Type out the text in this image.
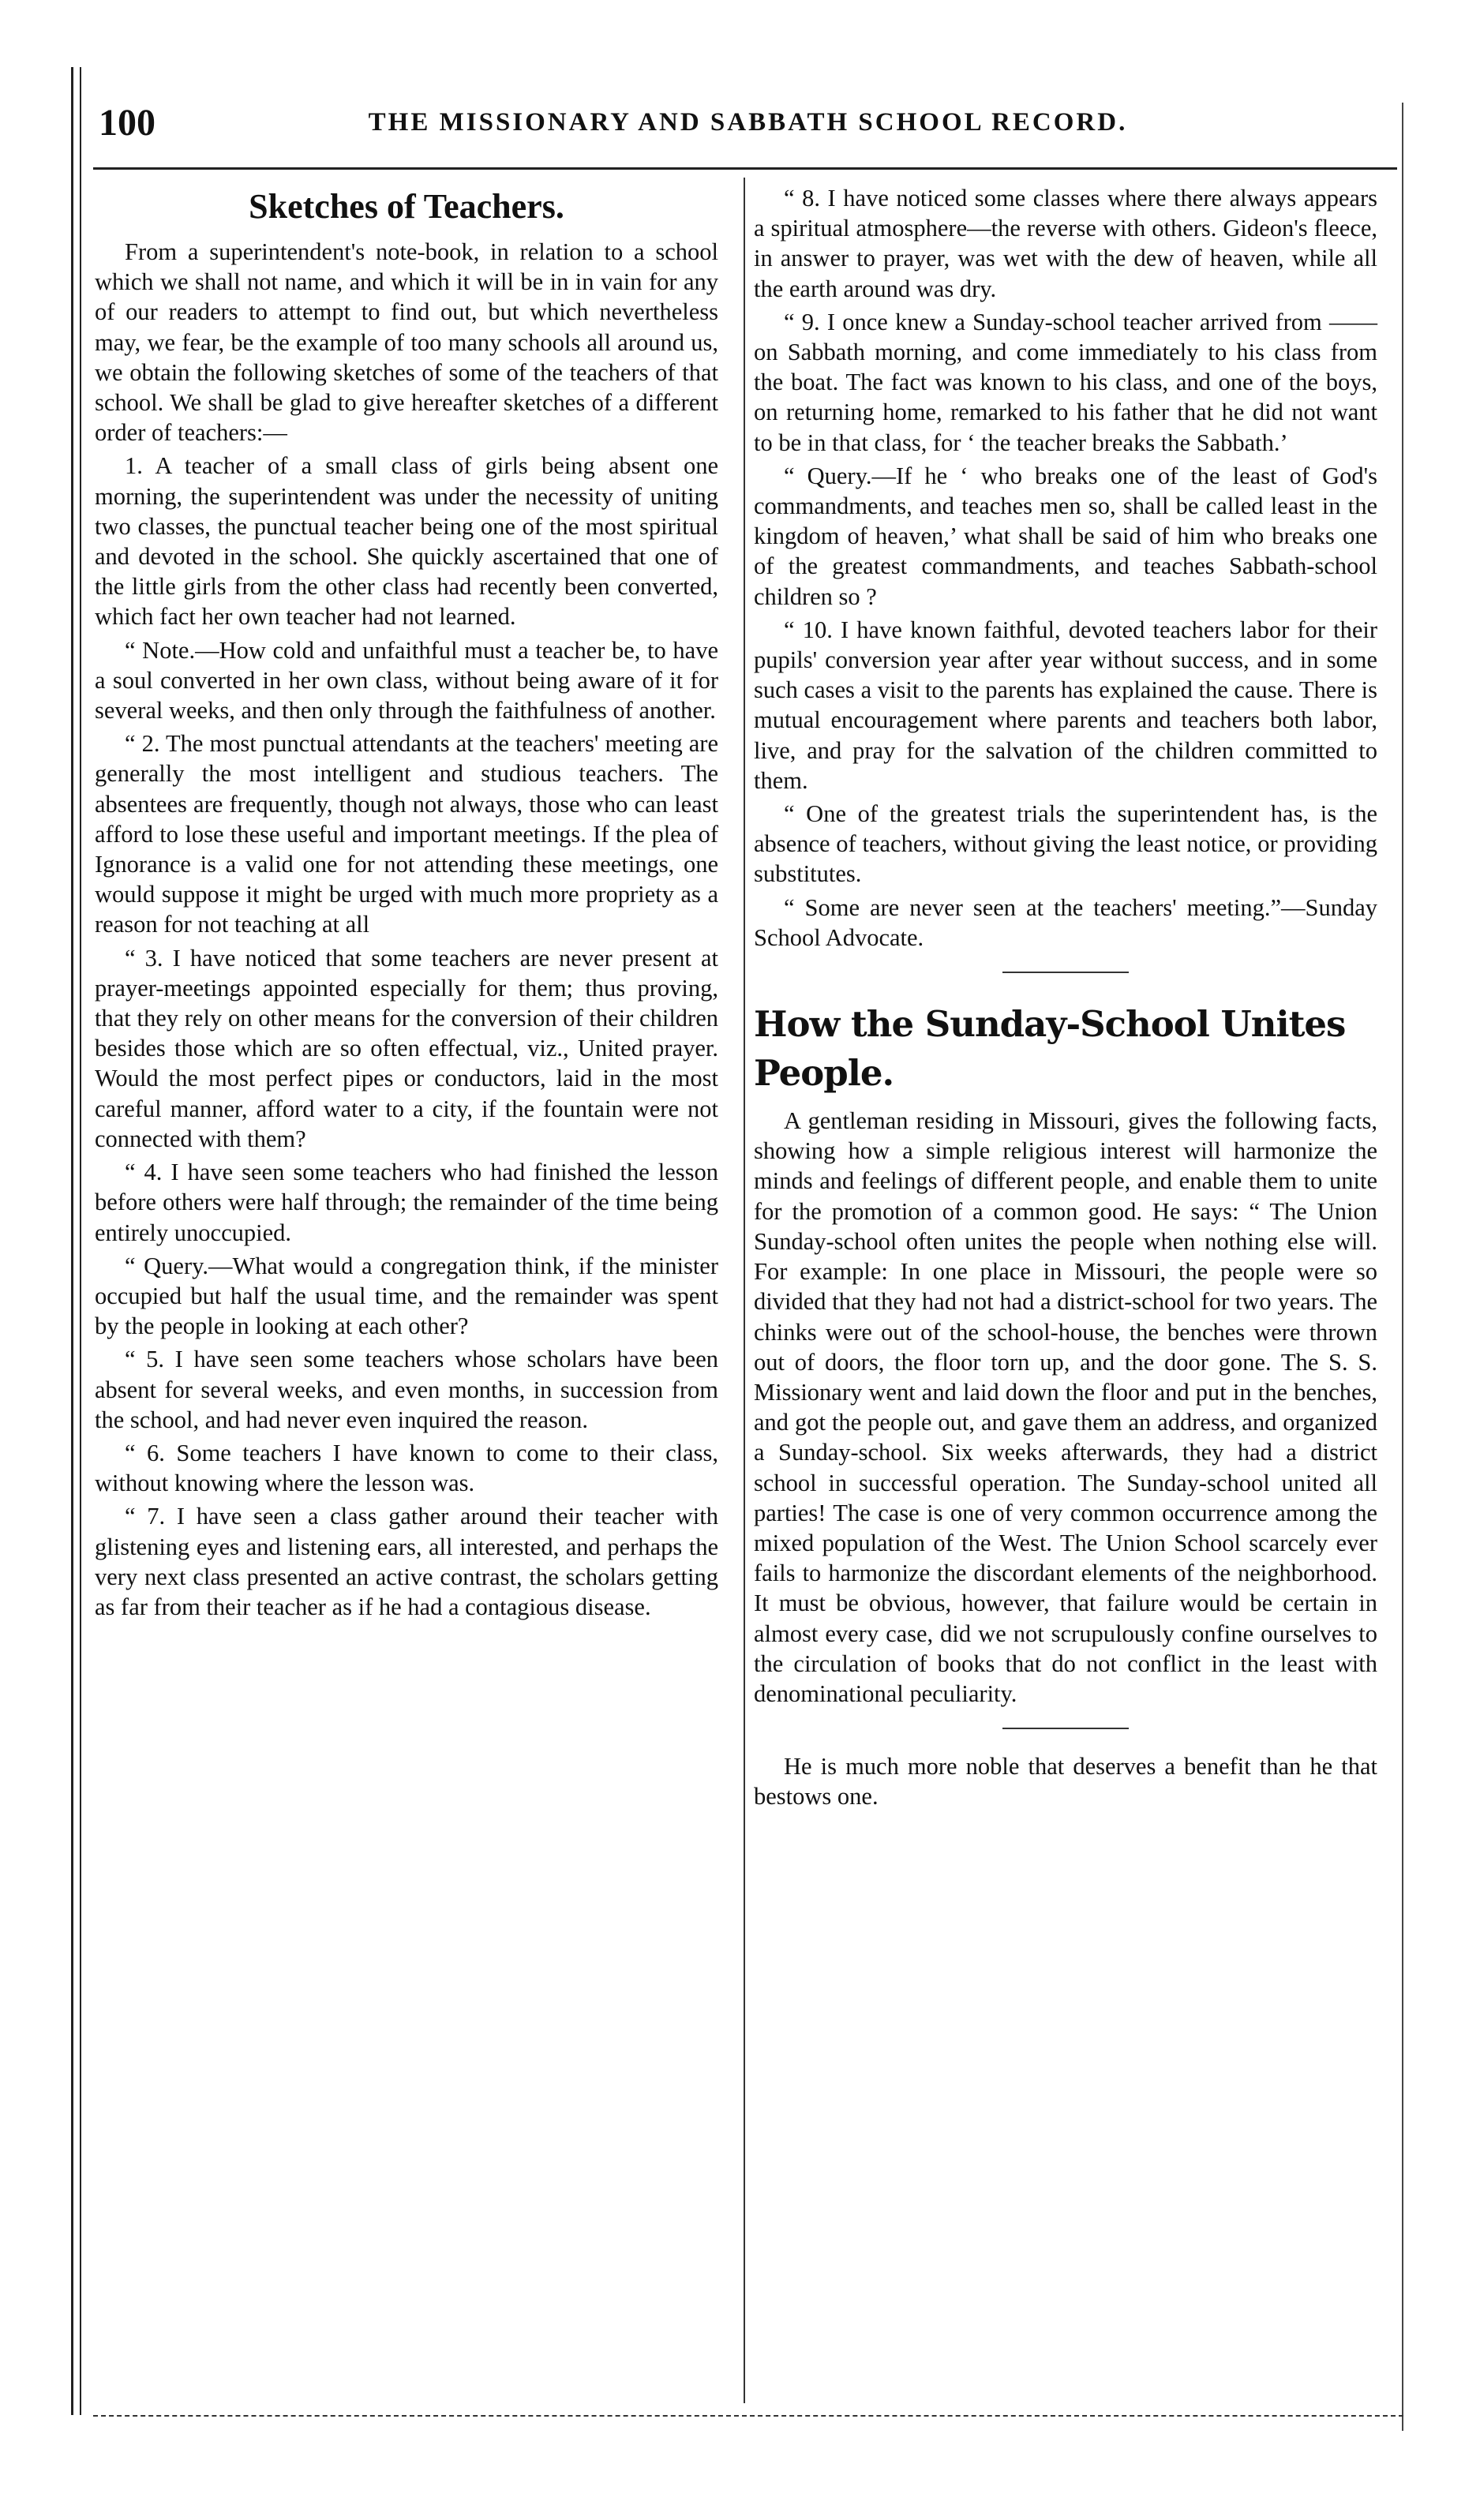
100	THE MISSIONARY AND SABBATH SCHOOL RECORD.
Sketches of Teachers.

From a superintendent's note-book, in relation to a school which we shall not name, and which it will be in in vain for any of our readers to attempt to find out, but which nevertheless may, we fear, be the example of too many schools all around us, we obtain the following sketches of some of the teachers of that school. We shall be glad to give hereafter sketches of a different order of teachers:—

1. A teacher of a small class of girls being absent one morning, the superintendent was under the necessity of uniting two classes, the punctual teacher being one of the most spiritual and devoted in the school. She quickly ascertained that one of the little girls from the other class had recently been converted, which fact her own teacher had not learned.

“ Note.—How cold and unfaithful must a teacher be, to have a soul converted in her own class, without being aware of it for several weeks, and then only through the faithfulness of another.

“ 2. The most punctual attendants at the teachers' meeting are generally the most intelligent and studious teachers. The absentees are frequently, though not always, those who can least afford to lose these useful and important meetings. If the plea of Ignorance is a valid one for not attending these meetings, one would suppose it might be urged with much more propriety as a reason for not teaching at all

“ 3. I have noticed that some teachers are never present at prayer-meetings appointed especially for them; thus proving, that they rely on other means for the conversion of their children besides those which are so often effectual, viz., United prayer. Would the most perfect pipes or conductors, laid in the most careful manner, afford water to a city, if the fountain were not connected with them?

“ 4. I have seen some teachers who had finished the lesson before others were half through; the remainder of the time being entirely unoccupied.

“ Query.—What would a congregation think, if the minister occupied but half the usual time, and the remainder was spent by the people in looking at each other?

“ 5. I have seen some teachers whose scholars have been absent for several weeks, and even months, in succession from the school, and had never even inquired the reason.

“ 6. Some teachers I have known to come to their class, without knowing where the lesson was.

“ 7. I have seen a class gather around their teacher with glistening eyes and listening ears, all interested, and perhaps the very next class presented an active contrast, the scholars getting as far from their teacher as if he had a contagious disease.

“ 8. I have noticed some classes where there always appears a spiritual atmosphere—the reverse with others. Gideon's fleece, in answer to prayer, was wet with the dew of heaven, while all the earth around was dry.

“ 9. I once knew a Sunday-school teacher arrived from —— on Sabbath morning, and come immediately to his class from the boat. The fact was known to his class, and one of the boys, on returning home, remarked to his father that he did not want to be in that class, for ‘ the teacher breaks the Sabbath.’

“ Query.—If he ‘ who breaks one of the least of God's commandments, and teaches men so, shall be called least in the kingdom of heaven,’ what shall be said of him who breaks one of the greatest commandments, and teaches Sabbath-school children so ?

“ 10. I have known faithful, devoted teachers labor for their pupils' conversion year after year without success, and in some such cases a visit to the parents has explained the cause. There is mutual encouragement where parents and teachers both labor, live, and pray for the salvation of the children committed to them.

“ One of the greatest trials the superintendent has, is the absence of teachers, without giving the least notice, or providing substitutes.

“ Some are never seen at the teachers' meeting.”—Sunday School Advocate.

How the Sunday-School Unites People.

A gentleman residing in Missouri, gives the following facts, showing how a simple religious interest will harmonize the minds and feelings of different people, and enable them to unite for the promotion of a common good. He says: “ The Union Sunday-school often unites the people when nothing else will. For example: In one place in Missouri, the people were so divided that they had not had a district-school for two years. The chinks were out of the school-house, the benches were thrown out of doors, the floor torn up, and the door gone. The S. S. Missionary went and laid down the floor and put in the benches, and got the people out, and gave them an address, and organized a Sunday-school. Six weeks afterwards, they had a district school in successful operation. The Sunday-school united all parties! The case is one of very common occurrence among the mixed population of the West. The Union School scarcely ever fails to harmonize the discordant elements of the neighborhood. It must be obvious, however, that failure would be certain in almost every case, did we not scrupulously confine ourselves to the circulation of books that do not conflict in the least with denominational peculiarity.

He is much more noble that deserves a benefit than he that bestows one.
